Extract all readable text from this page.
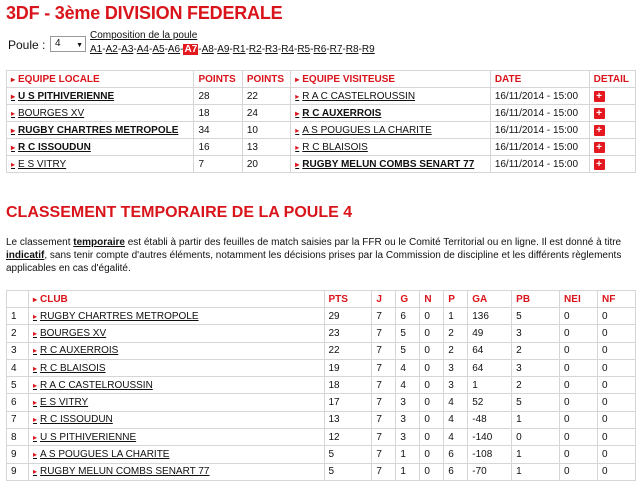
3DF - 3ème DIVISION FEDERALE
Poule : 4 ▼
Composition de la poule
A1-A2-A3-A4-A5-A6-A7-A8-A9-R1-R2-R3-R4-R5-R6-R7-R8-R9
▸ EQUIPE LOCALE	POINTS	POINTS	▸ EQUIPE VISITEUSE	DATE	DETAIL
▸ U S PITHIVERIENNE	28	22	▸ R A C CASTELROUSSIN	16/11/2014 - 15:00	+
▸ BOURGES XV	18	24	▸ R C AUXERROIS	16/11/2014 - 15:00	+
▸ RUGBY CHARTRES METROPOLE	34	10	▸ A S POUGUES LA CHARITE	16/11/2014 - 15:00	+
▸ R C ISSOUDUN	16	13	▸ R C BLAISOIS	16/11/2014 - 15:00	+
▸ E S VITRY	7	20	▸ RUGBY MELUN COMBS SENART 77	16/11/2014 - 15:00	+
CLASSEMENT TEMPORAIRE DE LA POULE 4
Le classement temporaire est établi à partir des feuilles de match saisies par la FFR ou le Comité Territorial ou en ligne. Il est donné à titre indicatif, sans tenir compte d'autres éléments, notamment les décisions prises par la Commission de discipline et les différents règlements applicables en cas d'égalité.
	▸ CLUB	PTS	J	G	N	P	GA	PB	NEI	NF
1	▸ RUGBY CHARTRES METROPOLE	29	7	6	0	1	136	5	0	0
2	▸ BOURGES XV	23	7	5	0	2	49	3	0	0
3	▸ R C AUXERROIS	22	7	5	0	2	64	2	0	0
4	▸ R C BLAISOIS	19	7	4	0	3	64	3	0	0
5	▸ R A C CASTELROUSSIN	18	7	4	0	3	1	2	0	0
6	▸ E S VITRY	17	7	3	0	4	52	5	0	0
7	▸ R C ISSOUDUN	13	7	3	0	4	-48	1	0	0
8	▸ U S PITHIVERIENNE	12	7	3	0	4	-140	0	0	0
9	▸ A S POUGUES LA CHARITE	5	7	1	0	6	-108	1	0	0
9	▸ RUGBY MELUN COMBS SENART 77	5	7	1	0	6	-70	1	0	0
